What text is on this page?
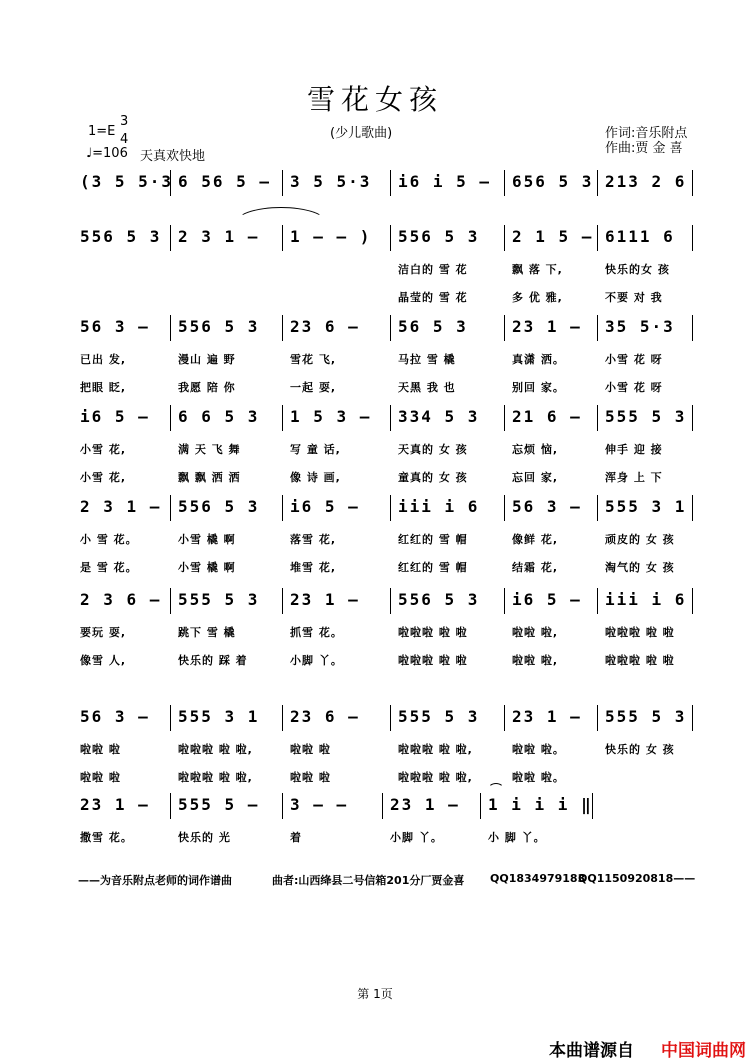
雪花女孩
(少儿歌曲)
1=E
3
4
♩=106 天真欢快地
作词:音乐附点
作曲:贾 金 喜
(3 5 5·3 6 56 5 — 3 5 5·3 i6 i 5 — 656 5 3 213 2 6
556 5 3 2 3 1 — 1 — — ) 556 5 3 2 1 5 — 6111 6
洁白的 雪 花	飘 落 下,	快乐的女 孩
晶莹的 雪 花	多 优 雅,	不要 对 我
56 3 — 556 5 3 23 6 — 56 5 3	23 1 — 35 5·3
已出 发,	漫山 遍 野	雪花 飞,	马拉 雪 橇	真潇 洒。	小雪 花 呀
把眼 眨,	我愿 陪 你	一起 耍,	天黑 我 也	别回 家。	小雪 花 呀
i6 5 — 6 6 5 3 1 5 3 — 334 5 3 21 6 — 555 5 3
小雪 花,	满 天 飞 舞	写 童 话,	天真的 女 孩	忘烦 恼,	伸手 迎 接
小雪 花,	飘 飘 洒 洒	像 诗 画,	童真的 女 孩	忘回 家,	浑身 上 下
2 3 1 — 556 5 3 i6 5 — iii i 6 56 3 — 555 3 1
小 雪 花。	小雪 橇 啊	落雪 花,	红红的 雪 帽	像鲜 花,	顽皮的 女 孩
是 雪 花。	小雪 橇 啊	堆雪 花,	红红的 雪 帽	结霜 花,	淘气的 女 孩
2 3 6 — 555 5 3 23 1 — 556 5 3 i6 5 — iii i 6
要玩 耍,	跳下 雪 橇	抓雪 花。	啦啦啦 啦 啦	啦啦 啦,	啦啦啦 啦 啦
像雪 人,	快乐的 踩 着	小脚 丫。	啦啦啦 啦 啦	啦啦 啦,	啦啦啦 啦 啦
56 3 — 555 3 1 23 6 — 555 5 3 23 1 — 555 5 3
啦啦 啦	啦啦啦 啦 啦,	啦啦 啦	啦啦啦 啦 啦,	啦啦 啦。	快乐的 女 孩
啦啦 啦	啦啦啦 啦 啦,	啦啦 啦	啦啦啦 啦 啦,	啦啦 啦。
23 1 — 555 5 — 3 — —	23 1 — 1 i i i ‖
撒雪 花。	快乐的 光	着	小脚 丫。	小 脚 丫。
——为音乐附点老师的词作谱曲	曲者:山西绛县二号信箱201分厂贾金喜 QQ1834979183
QQ1150920818——
第 1页
本曲谱源自 中国词曲网
